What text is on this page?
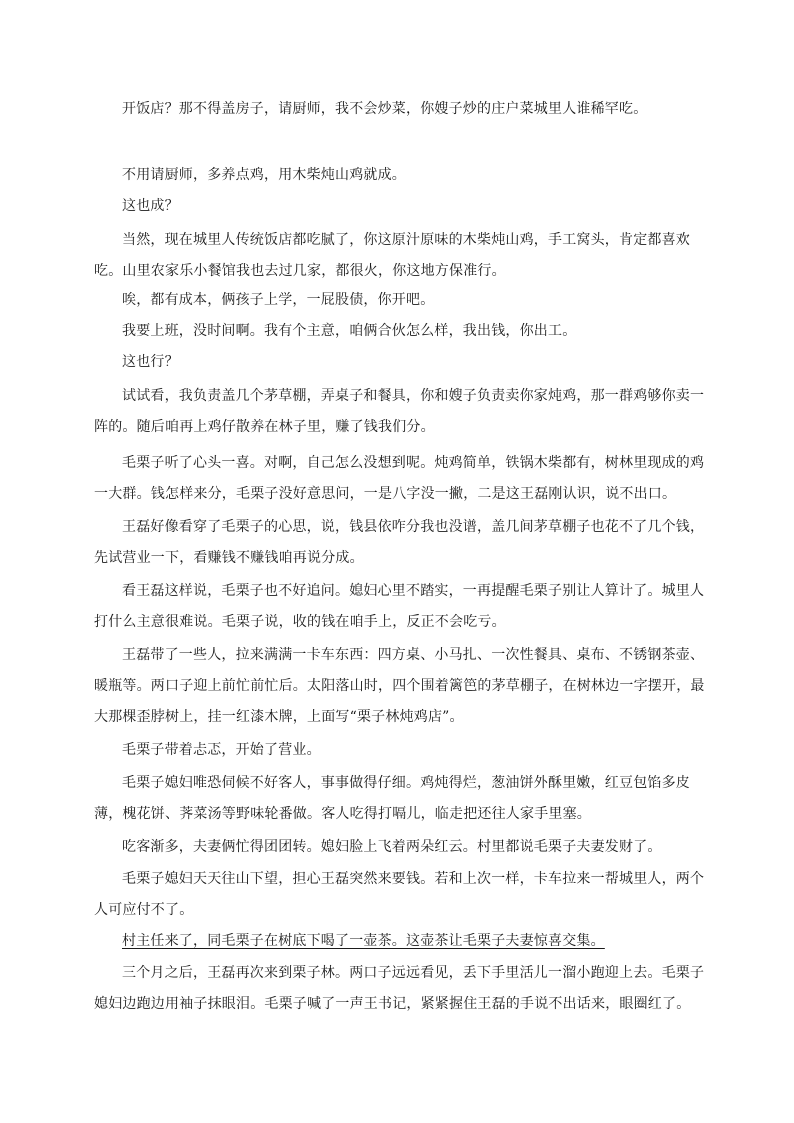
开饭店？那不得盖房子，请厨师，我不会炒菜，你嫂子炒的庄户菜城里人谁稀罕吃。

不用请厨师，多养点鸡，用木柴炖山鸡就成。

这也成？

当然，现在城里人传统饭店都吃腻了，你这原汁原味的木柴炖山鸡，手工窝头，肯定都喜欢吃。山里农家乐小餐馆我也去过几家，都很火，你这地方保准行。

唉，都有成本，俩孩子上学，一屁股债，你开吧。

我要上班，没时间啊。我有个主意，咱俩合伙怎么样，我出钱，你出工。

这也行？

试试看，我负责盖几个茅草棚，弄桌子和餐具，你和嫂子负责卖你家炖鸡，那一群鸡够你卖一阵的。随后咱再上鸡仔散养在林子里，赚了钱我们分。

毛栗子听了心头一喜。对啊，自己怎么没想到呢。炖鸡简单，铁锅木柴都有，树林里现成的鸡一大群。钱怎样来分，毛栗子没好意思问，一是八字没一撇，二是这王磊刚认识，说不出口。

王磊好像看穿了毛栗子的心思，说，钱县依咋分我也没谱，盖几间茅草棚子也花不了几个钱，先试营业一下，看赚钱不赚钱咱再说分成。

看王磊这样说，毛栗子也不好追问。媳妇心里不踏实，一再提醒毛栗子别让人算计了。城里人打什么主意很难说。毛栗子说，收的钱在咱手上，反正不会吃亏。

王磊带了一些人，拉来满满一卡车东西：四方桌、小马扎、一次性餐具、桌布、不锈钢茶壶、暖瓶等。两口子迎上前忙前忙后。太阳落山时，四个围着篱笆的茅草棚子，在树林边一字摆开，最大那棵歪脖树上，挂一红漆木牌，上面写“栗子林炖鸡店”。

毛栗子带着忐忑，开始了营业。

毛栗子媳妇唯恐伺候不好客人，事事做得仔细。鸡炖得烂，葱油饼外酥里嫩，红豆包馅多皮薄，槐花饼、荠菜汤等野味轮番做。客人吃得打嗝儿，临走把还往人家手里塞。

吃客渐多，夫妻俩忙得团团转。媳妇脸上飞着两朵红云。村里都说毛栗子夫妻发财了。

毛栗子媳妇天天往山下望，担心王磊突然来要钱。若和上次一样，卡车拉来一帮城里人，两个人可应付不了。

村主任来了，同毛栗子在树底下喝了一壶茶。这壶茶让毛栗子夫妻惊喜交集。

三个月之后，王磊再次来到栗子林。两口子远远看见，丢下手里活儿一溜小跑迎上去。毛栗子媳妇边跑边用袖子抹眼泪。毛栗子喊了一声王书记，紧紧握住王磊的手说不出话来，眼圈红了。
